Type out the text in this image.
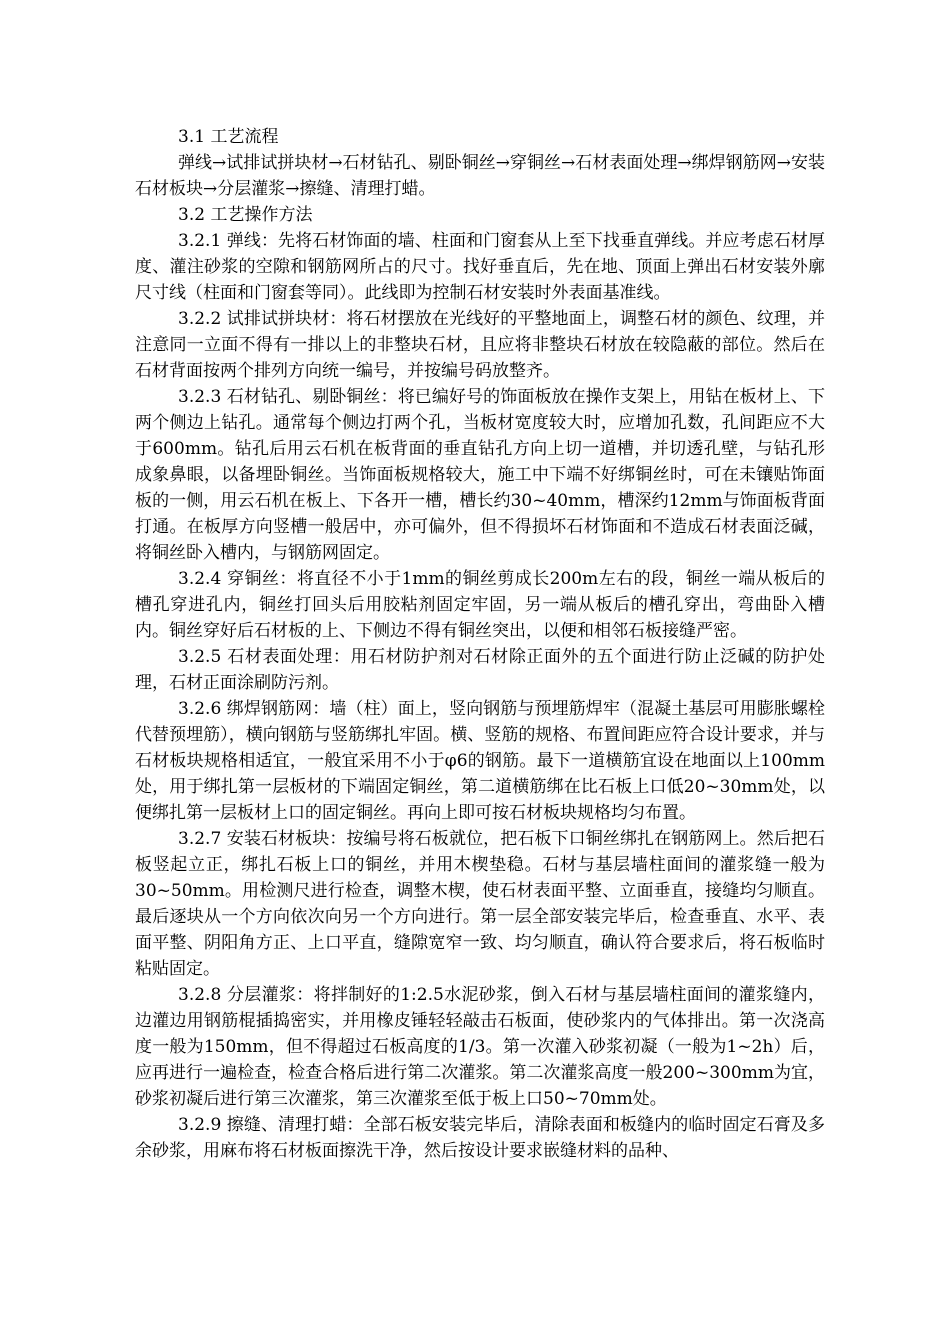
3.1 工艺流程

弹线→试排试拼块材→石材钻孔、剔卧铜丝→穿铜丝→石材表面处理→绑焊钢筋网→安装石材板块→分层灌浆→擦缝、清理打蜡。

3.2 工艺操作方法

3.2.1 弹线：先将石材饰面的墙、柱面和门窗套从上至下找垂直弹线。并应考虑石材厚度、灌注砂浆的空隙和钢筋网所占的尺寸。找好垂直后，先在地、顶面上弹出石材安装外廓尺寸线（柱面和门窗套等同）。此线即为控制石材安装时外表面基准线。

3.2.2 试排试拼块材：将石材摆放在光线好的平整地面上，调整石材的颜色、纹理，并注意同一立面不得有一排以上的非整块石材，且应将非整块石材放在较隐蔽的部位。然后在石材背面按两个排列方向统一编号，并按编号码放整齐。

3.2.3 石材钻孔、剔卧铜丝：将已编好号的饰面板放在操作支架上，用钻在板材上、下两个侧边上钻孔。通常每个侧边打两个孔，当板材宽度较大时，应增加孔数，孔间距应不大于600mm。钻孔后用云石机在板背面的垂直钻孔方向上切一道槽，并切透孔壁，与钻孔形成象鼻眼，以备埋卧铜丝。当饰面板规格较大，施工中下端不好绑铜丝时，可在未镶贴饰面板的一侧，用云石机在板上、下各开一槽，槽长约30~40mm，槽深约12mm与饰面板背面打通。在板厚方向竖槽一般居中，亦可偏外，但不得损坏石材饰面和不造成石材表面泛碱，将铜丝卧入槽内，与钢筋网固定。

3.2.4 穿铜丝：将直径不小于1mm的铜丝剪成长200m左右的段，铜丝一端从板后的槽孔穿进孔内，铜丝打回头后用胶粘剂固定牢固，另一端从板后的槽孔穿出，弯曲卧入槽内。铜丝穿好后石材板的上、下侧边不得有铜丝突出，以便和相邻石板接缝严密。

3.2.5 石材表面处理：用石材防护剂对石材除正面外的五个面进行防止泛碱的防护处理，石材正面涂刷防污剂。

3.2.6 绑焊钢筋网：墙（柱）面上，竖向钢筋与预埋筋焊牢（混凝土基层可用膨胀螺栓代替预埋筋），横向钢筋与竖筋绑扎牢固。横、竖筋的规格、布置间距应符合设计要求，并与石材板块规格相适宜，一般宜采用不小于φ6的钢筋。最下一道横筋宜设在地面以上100mm处，用于绑扎第一层板材的下端固定铜丝，第二道横筋绑在比石板上口低20~30mm处，以便绑扎第一层板材上口的固定铜丝。再向上即可按石材板块规格均匀布置。

3.2.7 安装石材板块：按编号将石板就位，把石板下口铜丝绑扎在钢筋网上。然后把石板竖起立正，绑扎石板上口的铜丝，并用木楔垫稳。石材与基层墙柱面间的灌浆缝一般为30~50mm。用检测尺进行检查，调整木楔，使石材表面平整、立面垂直，接缝均匀顺直。最后逐块从一个方向依次向另一个方向进行。第一层全部安装完毕后，检查垂直、水平、表面平整、阴阳角方正、上口平直，缝隙宽窄一致、均匀顺直，确认符合要求后，将石板临时粘贴固定。

3.2.8 分层灌浆：将拌制好的1:2.5水泥砂浆，倒入石材与基层墙柱面间的灌浆缝内，边灌边用钢筋棍插捣密实，并用橡皮锤轻轻敲击石板面，使砂浆内的气体排出。第一次浇高度一般为150mm，但不得超过石板高度的1/3。第一次灌入砂浆初凝（一般为1~2h）后，应再进行一遍检查，检查合格后进行第二次灌浆。第二次灌浆高度一般200~300mm为宜，砂浆初凝后进行第三次灌浆，第三次灌浆至低于板上口50~70mm处。

3.2.9 擦缝、清理打蜡：全部石板安装完毕后，清除表面和板缝内的临时固定石膏及多余砂浆，用麻布将石材板面擦洗干净，然后按设计要求嵌缝材料的品种、
